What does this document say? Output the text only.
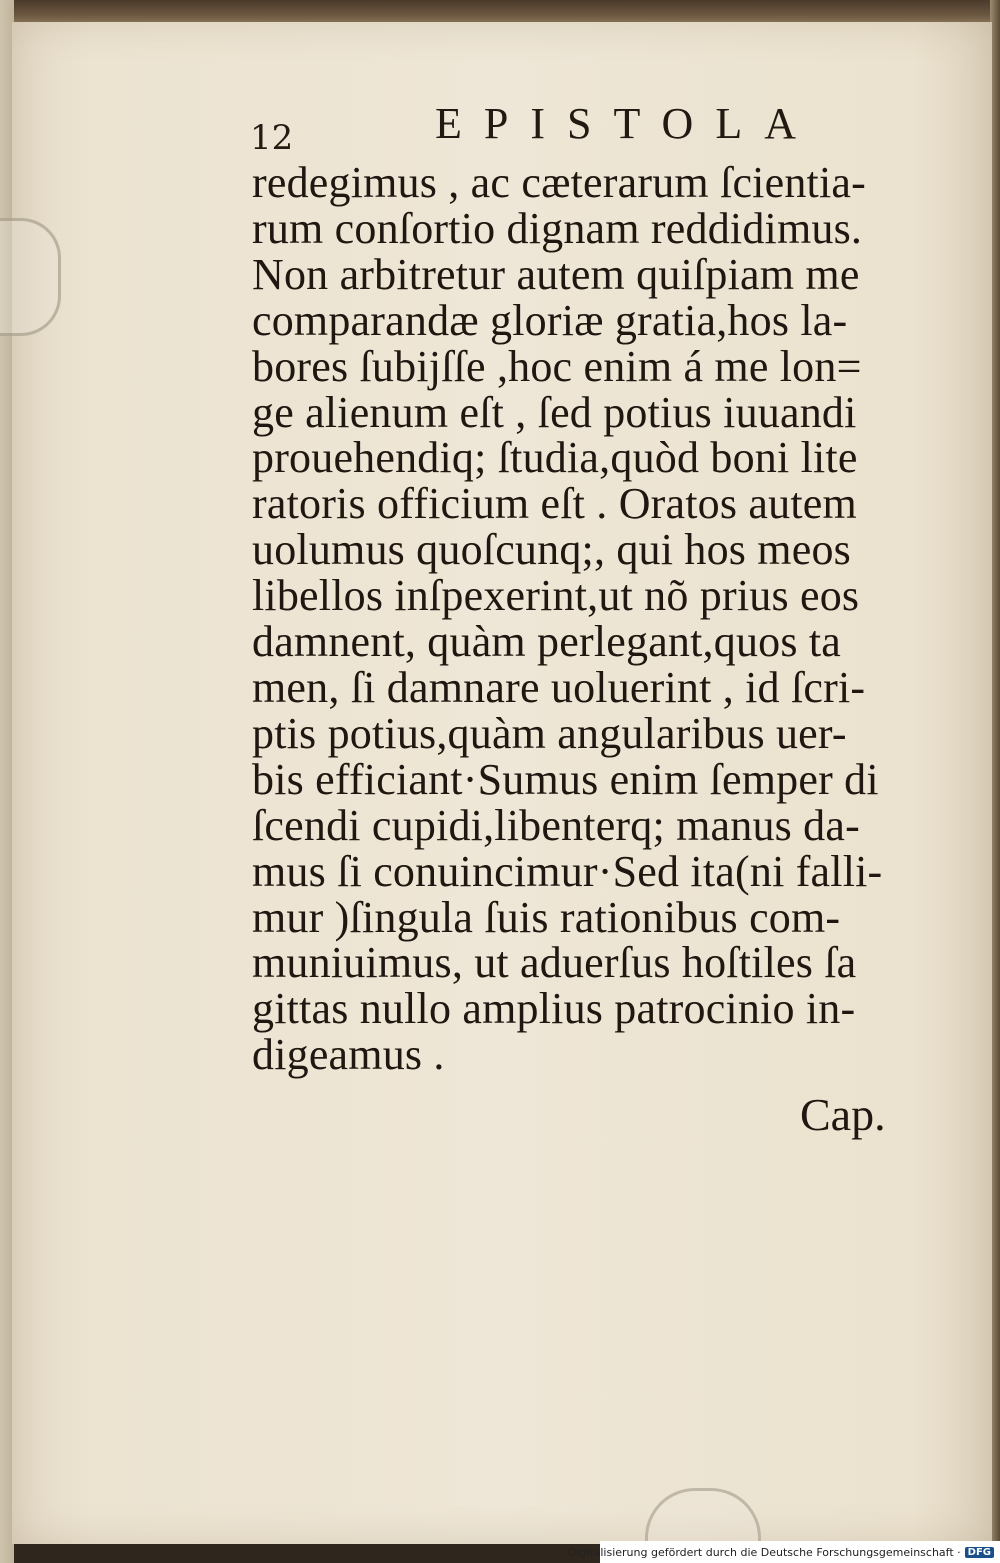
12	EPISTOLA
redegimus , ac cæterarum ſcientia-
rum conſortio dignam reddidimus.
Non arbitretur autem quiſpiam me
comparandæ gloriæ gratia,hos la-
bores ſubijſſe ,hoc enim á me lon=
ge alienum eſt , ſed potius iuuandi
prouehendiq; ſtudia,quòd boni lite
ratoris officium eſt . Oratos autem
uolumus quoſcunq;, qui hos meos
libellos inſpexerint,ut nõ prius eos
damnent, quàm perlegant,quos ta
men, ſi damnare uoluerint , id ſcri-
ptis potius,quàm angularibus uer-
bis efficiant·Sumus enim ſemper di
ſcendi cupidi,libenterq; manus da-
mus ſi conuincimur·Sed ita(ni falli-
mur )ſingula ſuis rationibus com-
muniuimus, ut aduerſus hoſtiles ſa
gittas nullo amplius patrocinio in-
digeamus .
Cap.
Digitalisierung gefördert durch die Deutsche Forschungsgemeinschaft · DFG
